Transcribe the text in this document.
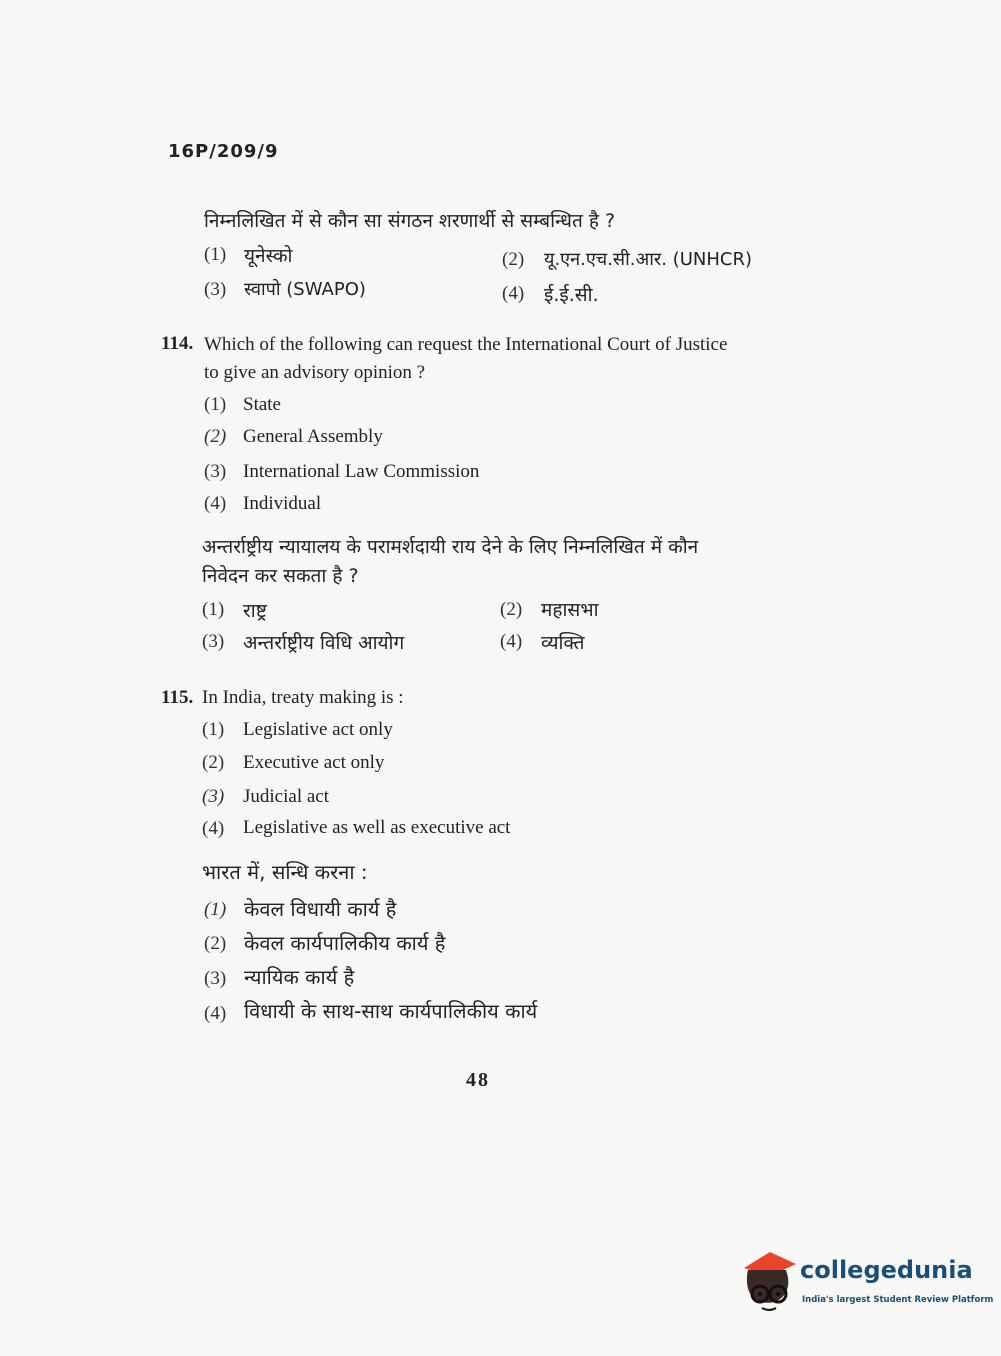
16P/209/9
निम्नलिखित में से कौन सा संगठन शरणार्थी से सम्बन्धित है ?
(1) यूनेस्को	(2) यू.एन.एच.सी.आर. (UNHCR)
(3) स्वापो (SWAPO)	(4) ई.ई.सी.
114. Which of the following can request the International Court of Justice
to give an advisory opinion ?
(1) State
(2) General Assembly
(3) International Law Commission
(4) Individual
अन्तर्राष्ट्रीय न्यायालय के परामर्शदायी राय देने के लिए निम्नलिखित में कौन
निवेदन कर सकता है ?
(1) राष्ट्र	(2) महासभा
(3) अन्तर्राष्ट्रीय विधि आयोग	(4) व्यक्ति
115. In India, treaty making is :
(1) Legislative act only
(2) Executive act only
(3) Judicial act
(4) Legislative as well as executive act
भारत में, सन्धि करना :
(1) केवल विधायी कार्य है
(2) केवल कार्यपालिकीय कार्य है
(3) न्यायिक कार्य है
(4) विधायी के साथ-साथ कार्यपालिकीय कार्य
48
collegedunia
India's largest Student Review Platform
